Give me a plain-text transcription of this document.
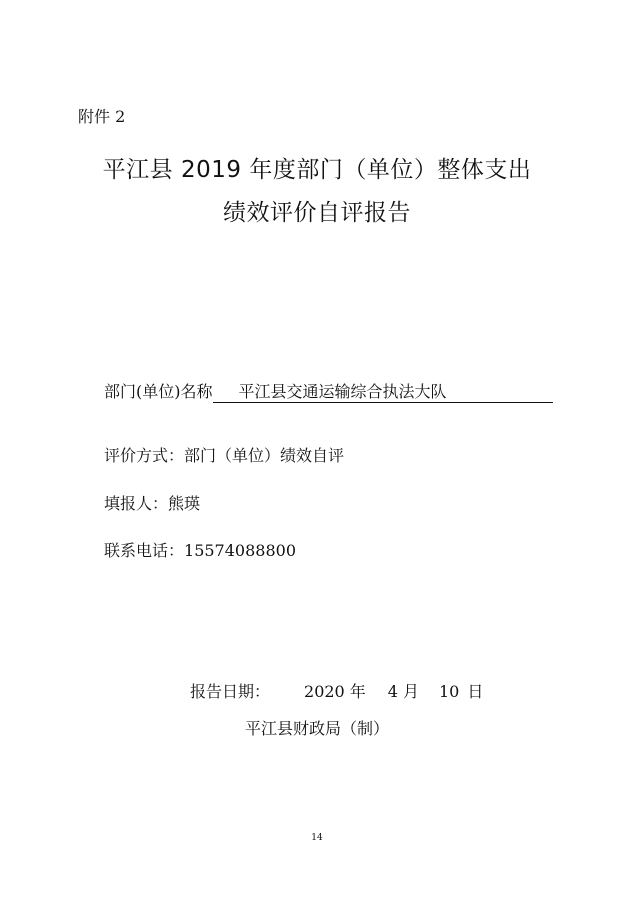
附件 2
平江县 2019 年度部门（单位）整体支出
绩效评价自评报告
部门(单位)名称 平江县交通运输综合执法大队
评价方式：部门（单位）绩效自评
填报人：熊瑛
联系电话：15574088800
报告日期： 2020 年 4 月 10 日
平江县财政局（制）
14
